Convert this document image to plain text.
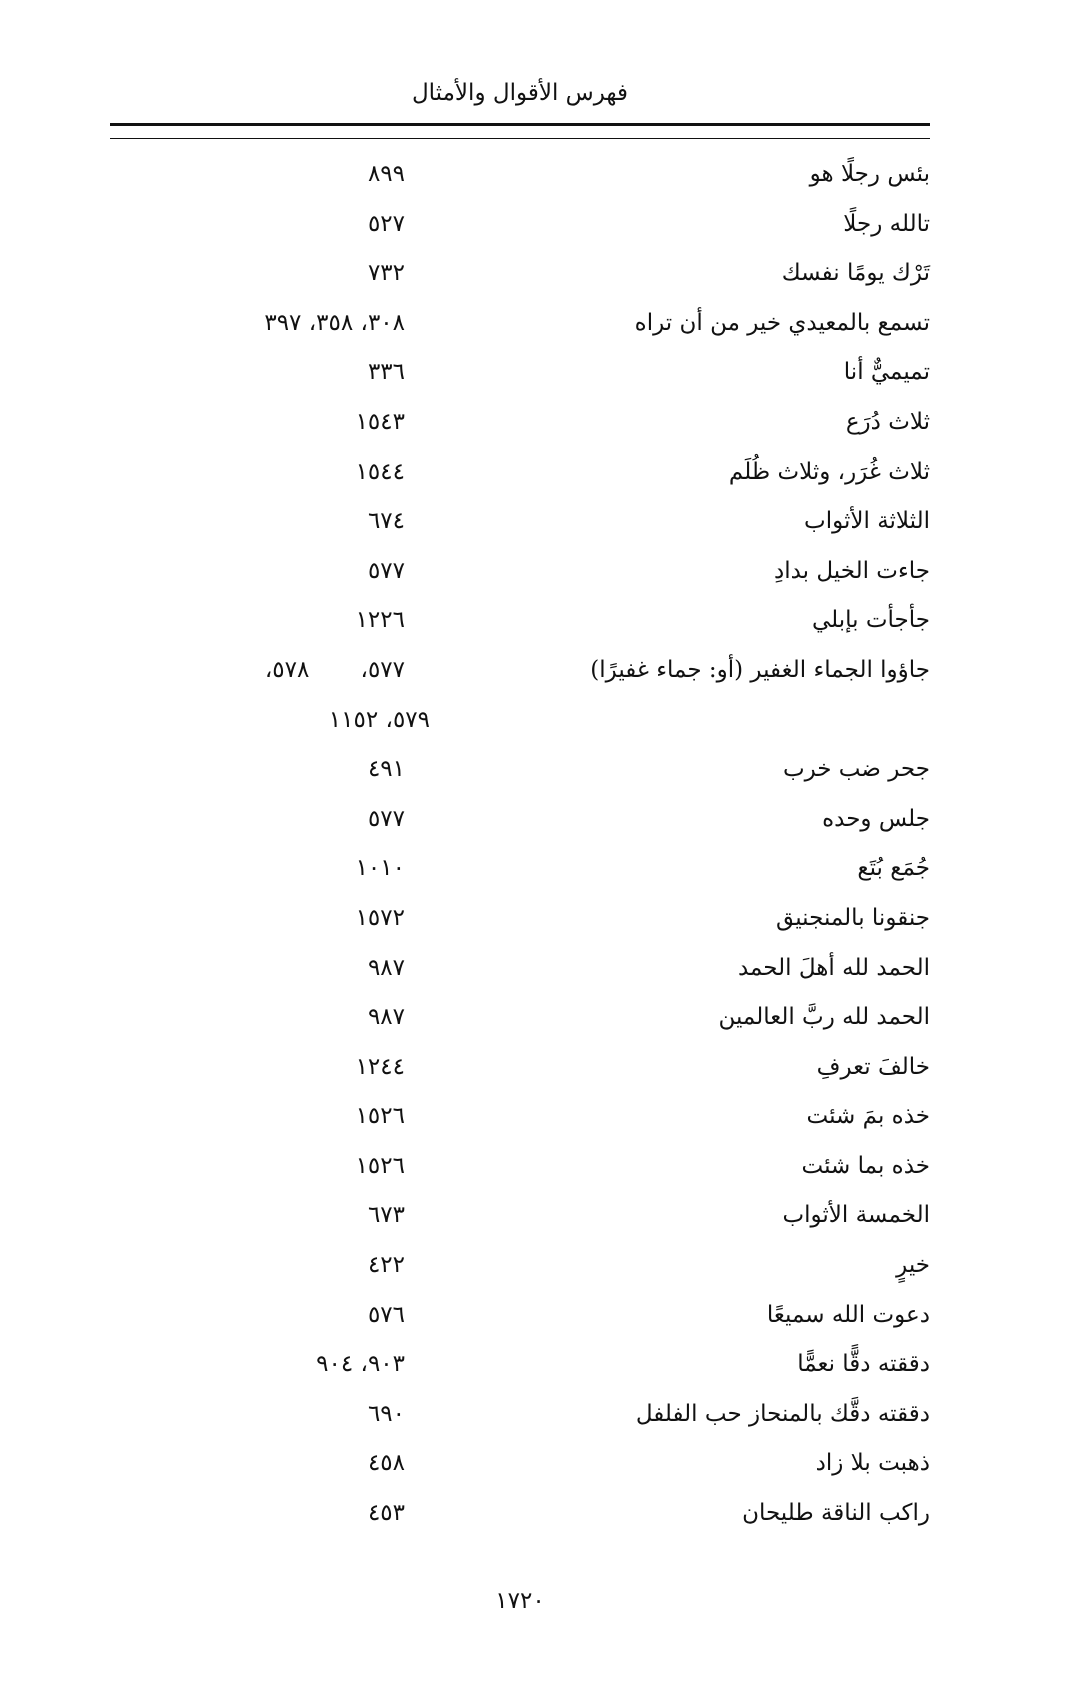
فهرس الأقوال والأمثال
بئس رجلًا هو
٨٩٩
تالله رجلًا
٥٢٧
تَرْك يومًا نفسك
٧٣٢
تسمع بالمعيدي خير من أن تراه
٣٠٨، ٣٥٨، ٣٩٧
تميميٌّ أنا
٣٣٦
ثلاث دُرَع
١٥٤٣
ثلاث غُرَر، وثلاث ظُلَم
١٥٤٤
الثلاثة الأثواب
٦٧٤
جاءت الخيل بدادِ
٥٧٧
جأجأت بإبلي
١٢٢٦
جاؤوا الجماء الغفير (أو: جماء غفيرًا)
٥٧٧،       ٥٧٨،
٥٧٩، ١١٥٢
جحر ضب خرب
٤٩١
جلس وحده
٥٧٧
جُمَع بُتَع
١٠١٠
جنقونا بالمنجنيق
١٥٧٢
الحمد لله أهلَ الحمد
٩٨٧
الحمد لله ربَّ العالمين
٩٨٧
خالفَ تعرفِ
١٢٤٤
خذه بمَ شئت
١٥٢٦
خذه بما شئت
١٥٢٦
الخمسة الأثواب
٦٧٣
خيرٍ
٤٢٢
دعوت الله سميعًا
٥٧٦
دققته دقًّا نعمًّا
٩٠٣، ٩٠٤
دققته دقَّك بالمنحاز حب الفلفل
٦٩٠
ذهبت بلا زاد
٤٥٨
راكب الناقة طليحان
٤٥٣
١٧٢٠
